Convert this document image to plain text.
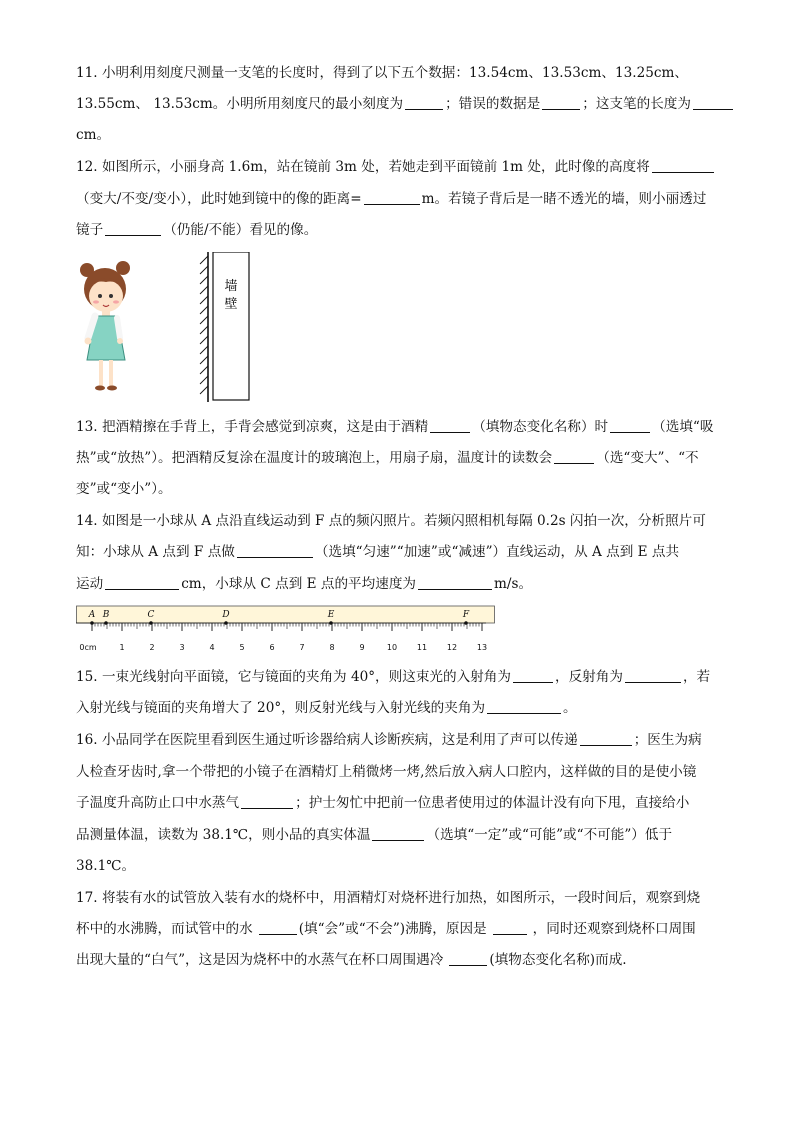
11. 小明利用刻度尺测量一支笔的长度时，得到了以下五个数据：13.54cm、13.53cm、13.25cm、
13.55cm、 13.53cm。小明所用刻度尺的最小刻度为	；错误的数据是	；这支笔的长度为
cm。
12. 如图所示，小丽身高 1.6m，站在镜前 3m 处，若她走到平面镜前 1m 处，此时像的高度将
（变大/不变/变小），此时她到镜中的像的距离=	m。若镜子背后是一睹不透光的墙，则小丽透过
镜子	（仍能/不能）看见的像。
墙
壁
13. 把酒精擦在手背上，手背会感觉到凉爽，这是由于酒精	（填物态变化名称）时	（选填“吸
热”或“放热”）。把酒精反复涂在温度计的玻璃泡上，用扇子扇，温度计的读数会	（选“变大”、“不
变”或“变小”）。
14. 如图是一小球从 A 点沿直线运动到 F 点的频闪照片。若频闪照相机每隔 0.2s 闪拍一次，分析照片可
知：小球从 A 点到 F 点做	（选填“匀速”“加速”或“减速”）直线运动，从 A 点到 E 点共
运动	cm，小球从 C 点到 E 点的平均速度为	m/s。
A B	C	D	E	F
0cm	1	2	3	4	5	6	7	8	9	10 11 12 13
15. 一束光线射向平面镜，它与镜面的夹角为 40°，则这束光的入射角为	，反射角为	，若
入射光线与镜面的夹角增大了 20°，则反射光线与入射光线的夹角为	。
16. 小品同学在医院里看到医生通过听诊器给病人诊断疾病，这是利用了声可以传递	；医生为病
人检查牙齿时,拿一个带把的小镜子在酒精灯上稍微烤一烤,然后放入病人口腔内，这样做的目的是使小镜
子温度升高防止口中水蒸气	；护士匆忙中把前一位患者使用过的体温计没有向下甩，直接给小
品测量体温，读数为 38.1℃，则小品的真实体温	（选填“一定”或“可能”或“不可能”）低于
38.1℃。
17. 将装有水的试管放入装有水的烧杯中，用酒精灯对烧杯进行加热，如图所示，一段时间后，观察到烧
杯中的水沸腾，而试管中的水	(填“会”或“不会”)沸腾，原因是	，同时还观察到烧杯口周围
出现大量的“白气”，这是因为烧杯中的水蒸气在杯口周围遇冷	(填物态变化名称)而成.
